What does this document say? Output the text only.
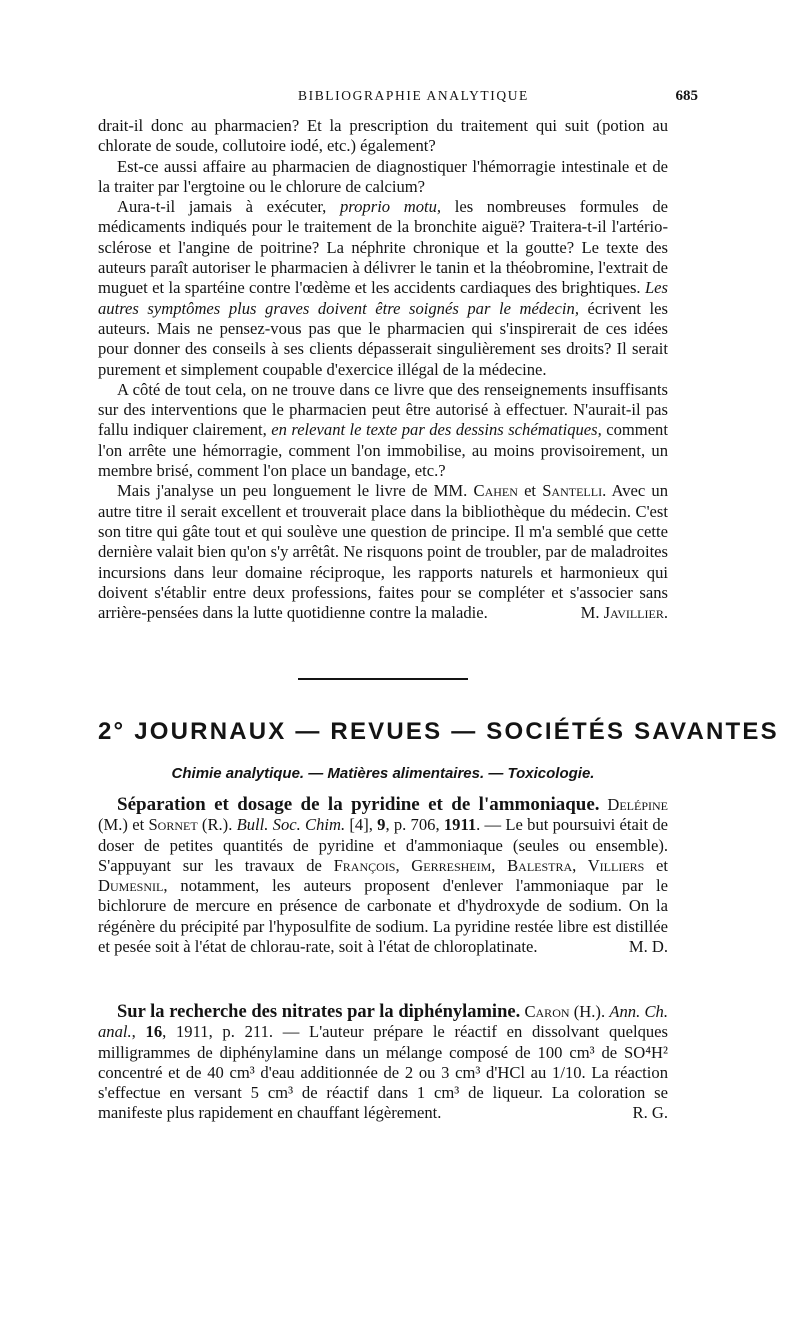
BIBLIOGRAPHIE ANALYTIQUE	685

drait-il donc au pharmacien? Et la prescription du traitement qui suit (potion au chlorate de soude, collutoire iodé, etc.) également?

Est-ce aussi affaire au pharmacien de diagnostiquer l'hémorragie intestinale et de la traiter par l'ergtoine ou le chlorure de calcium?

Aura-t-il jamais à exécuter, proprio motu, les nombreuses formules de médicaments indiqués pour le traitement de la bronchite aiguë? Traitera-t-il l'artério-sclérose et l'angine de poitrine? La néphrite chronique et la goutte? Le texte des auteurs paraît autoriser le pharmacien à délivrer le tanin et la théobromine, l'extrait de muguet et la spartéine contre l'œdème et les accidents cardiaques des brightiques. Les autres symptômes plus graves doivent être soignés par le médecin, écrivent les auteurs. Mais ne pensez-vous pas que le pharmacien qui s'inspirerait de ces idées pour donner des conseils à ses clients dépasserait singulièrement ses droits? Il serait purement et simplement coupable d'exercice illégal de la médecine.

A côté de tout cela, on ne trouve dans ce livre que des renseignements insuffisants sur des interventions que le pharmacien peut être autorisé à effectuer. N'aurait-il pas fallu indiquer clairement, en relevant le texte par des dessins schématiques, comment l'on arrête une hémorragie, comment l'on immobilise, au moins provisoirement, un membre brisé, comment l'on place un bandage, etc.?

Mais j'analyse un peu longuement le livre de MM. Cahen et Santelli. Avec un autre titre il serait excellent et trouverait place dans la bibliothèque du médecin. C'est son titre qui gâte tout et qui soulève une question de principe. Il m'a semblé que cette dernière valait bien qu'on s'y arrêtât. Ne risquons point de troubler, par de maladroites incursions dans leur domaine réciproque, les rapports naturels et harmonieux qui doivent s'établir entre deux professions, faites pour se compléter et s'associer sans arrière-pensées dans la lutte quotidienne contre la maladie.	M. Javillier.

2° JOURNAUX — REVUES — SOCIÉTÉS SAVANTES
Chimie analytique. — Matières alimentaires. — Toxicologie.

Séparation et dosage de la pyridine et de l'ammoniaque. Delépine (M.) et Sornet (R.). Bull. Soc. Chim. [4], 9, p. 706, 1911. — Le but poursuivi était de doser de petites quantités de pyridine et d'ammoniaque (seules ou ensemble). S'appuyant sur les travaux de François, Gerresheim, Balestra, Villiers et Dumesnil, notamment, les auteurs proposent d'enlever l'ammoniaque par le bichlorure de mercure en présence de carbonate et d'hydroxyde de sodium. On la régénère du précipité par l'hyposulfite de sodium. La pyridine restée libre est distillée et pesée soit à l'état de chlorau-rate, soit à l'état de chloroplatinate.	M. D.

Sur la recherche des nitrates par la diphénylamine. Caron (H.). Ann. Ch. anal., 16, 1911, p. 211. — L'auteur prépare le réactif en dissolvant quelques milligrammes de diphénylamine dans un mélange composé de 100 cm³ de SO⁴H² concentré et de 40 cm³ d'eau additionnée de 2 ou 3 cm³ d'HCl au 1/10. La réaction s'effectue en versant 5 cm³ de réactif dans 1 cm³ de liqueur. La coloration se manifeste plus rapidement en chauffant légèrement.	R. G.
